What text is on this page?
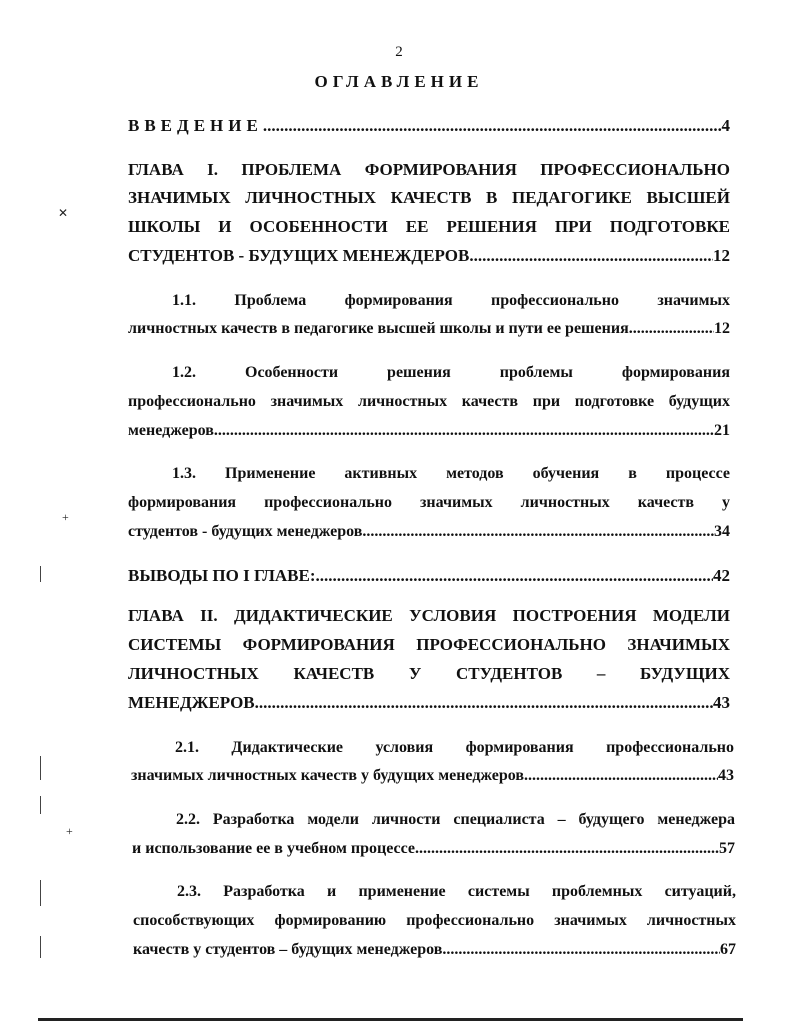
2
ОГЛАВЛЕНИЕ
ВВЕДЕНИЕ .....	4
ГЛАВА I. ПРОБЛЕМА ФОРМИРОВАНИЯ ПРОФЕССИОНАЛЬНО
ЗНАЧИМЫХ ЛИЧНОСТНЫХ КАЧЕСТВ В ПЕДАГОГИКЕ ВЫСШЕЙ
ШКОЛЫ И ОСОБЕННОСТИ ЕЕ РЕШЕНИЯ ПРИ ПОДГОТОВКЕ
СТУДЕНТОВ - БУДУЩИХ МЕНЕЖДЕРОВ .....	12
1.1. Проблема формирования профессионально значимых
личностных качеств в педагогике высшей школы и пути ее решения. .....	12
1.2. Особенности решения проблемы формирования
профессионально значимых личностных качеств при подготовке будущих
менеджеров .....	21
1.3. Применение активных методов обучения в процессе
формирования профессионально значимых личностных качеств у
студентов - будущих менеджеров .....	34
ВЫВОДЫ ПО I ГЛАВЕ: .....	42
ГЛАВА II. ДИДАКТИЧЕСКИЕ УСЛОВИЯ ПОСТРОЕНИЯ МОДЕЛИ
СИСТЕМЫ ФОРМИРОВАНИЯ ПРОФЕССИОНАЛЬНО ЗНАЧИМЫХ
ЛИЧНОСТНЫХ КАЧЕСТВ У СТУДЕНТОВ – БУДУЩИХ
МЕНЕДЖЕРОВ .....	43
2.1. Дидактические условия формирования профессионально
значимых личностных качеств у будущих менеджеров .....	43
2.2. Разработка модели личности специалиста – будущего менеджера
и использование ее в учебном процессе .....	57
2.3. Разработка и применение системы проблемных ситуаций,
способствующих формированию профессионально значимых личностных
качеств у студентов – будущих менеджеров .....	67
✕
+
+
